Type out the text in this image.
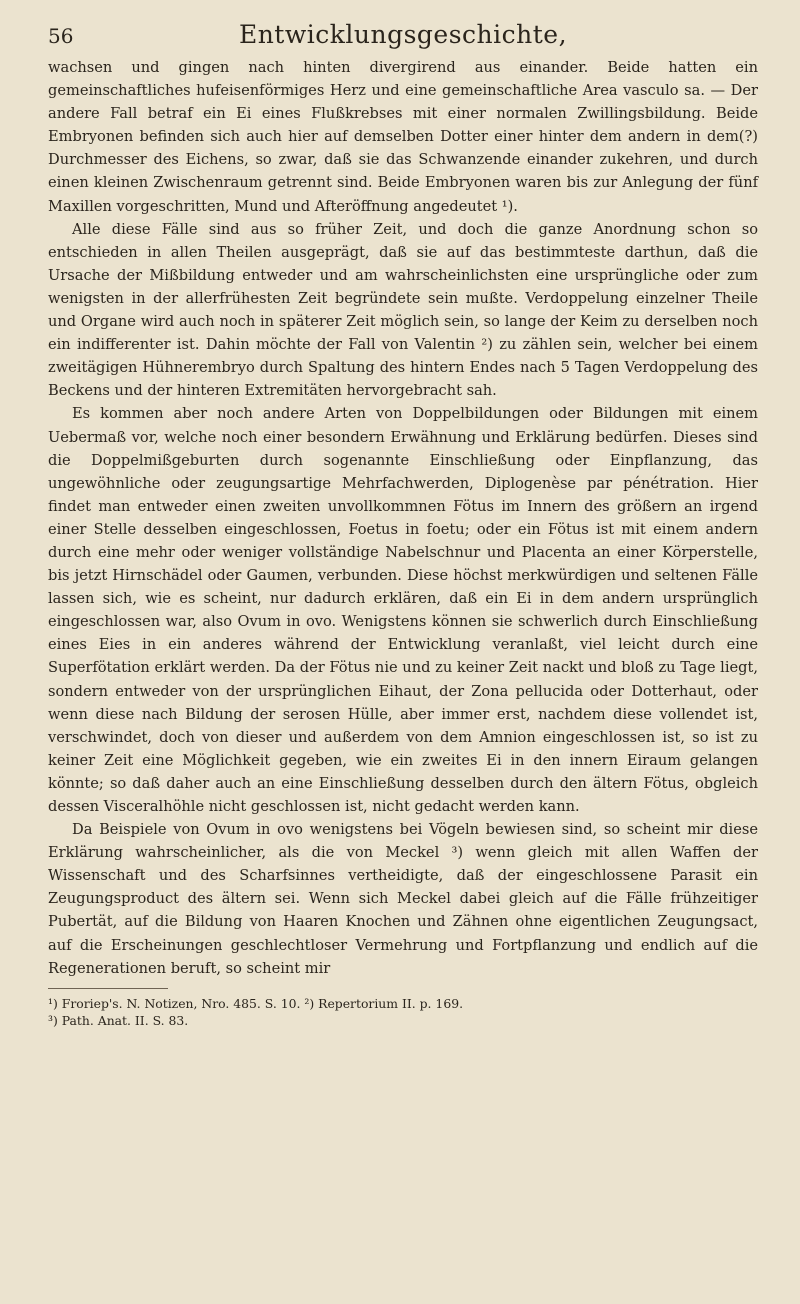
56	Entwicklungsgeschichte,

wachsen und gingen nach hinten divergirend aus einander. Beide hatten ein gemeinschaftliches hufeisenförmiges Herz und eine gemeinschaftliche Area vasculo sa. — Der andere Fall betraf ein Ei eines Flußkrebses mit einer normalen Zwillingsbildung. Beide Embryonen befinden sich auch hier auf demselben Dotter einer hinter dem andern in dem(?) Durchmesser des Eichens, so zwar, daß sie das Schwanzende einander zukehren, und durch einen kleinen Zwischenraum getrennt sind. Beide Embryonen waren bis zur Anlegung der fünf Maxillen vorgeschritten, Mund und Afteröffnung angedeutet ¹).

Alle diese Fälle sind aus so früher Zeit, und doch die ganze Anordnung schon so entschieden in allen Theilen ausgeprägt, daß sie auf das bestimmteste darthun, daß die Ursache der Mißbildung entweder und am wahrscheinlichsten eine ursprüngliche oder zum wenigsten in der allerfrühesten Zeit begründete sein mußte. Verdoppelung einzelner Theile und Organe wird auch noch in späterer Zeit möglich sein, so lange der Keim zu derselben noch ein indifferenter ist. Dahin möchte der Fall von Valentin ²) zu zählen sein, welcher bei einem zweitägigen Hühnerembryo durch Spaltung des hintern Endes nach 5 Tagen Verdoppelung des Beckens und der hinteren Extremitäten hervorgebracht sah.

Es kommen aber noch andere Arten von Doppelbildungen oder Bildungen mit einem Uebermaß vor, welche noch einer besondern Erwähnung und Erklärung bedürfen. Dieses sind die Doppelmißgeburten durch sogenannte Einschließung oder Einpflanzung, das ungewöhnliche oder zeugungsartige Mehrfachwerden, Diplogenèse par pénétration. Hier findet man entweder einen zweiten unvollkommnen Fötus im Innern des größern an irgend einer Stelle desselben eingeschlossen, Foetus in foetu; oder ein Fötus ist mit einem andern durch eine mehr oder weniger vollständige Nabelschnur und Placenta an einer Körperstelle, bis jetzt Hirnschädel oder Gaumen, verbunden. Diese höchst merkwürdigen und seltenen Fälle lassen sich, wie es scheint, nur dadurch erklären, daß ein Ei in dem andern ursprünglich eingeschlossen war, also Ovum in ovo. Wenigstens können sie schwerlich durch Einschließung eines Eies in ein anderes während der Entwicklung veranlaßt, viel leicht durch eine Superfötation erklärt werden. Da der Fötus nie und zu keiner Zeit nackt und bloß zu Tage liegt, sondern entweder von der ursprünglichen Eihaut, der Zona pellucida oder Dotterhaut, oder wenn diese nach Bildung der serosen Hülle, aber immer erst, nachdem diese vollendet ist, verschwindet, doch von dieser und außerdem von dem Amnion eingeschlossen ist, so ist zu keiner Zeit eine Möglichkeit gegeben, wie ein zweites Ei in den innern Eiraum gelangen könnte; so daß daher auch an eine Einschließung desselben durch den ältern Fötus, obgleich dessen Visceralhöhle nicht geschlossen ist, nicht gedacht werden kann.

Da Beispiele von Ovum in ovo wenigstens bei Vögeln bewiesen sind, so scheint mir diese Erklärung wahrscheinlicher, als die von Meckel ³) wenn gleich mit allen Waffen der Wissenschaft und des Scharfsinnes vertheidigte, daß der eingeschlossene Parasit ein Zeugungsproduct des ältern sei. Wenn sich Meckel dabei gleich auf die Fälle frühzeitiger Pubertät, auf die Bildung von Haaren Knochen und Zähnen ohne eigentlichen Zeugungsact, auf die Erscheinungen geschlechtloser Vermehrung und Fortpflanzung und endlich auf die Regenerationen beruft, so scheint mir

¹) Froriep's. N. Notizen, Nro. 485. S. 10. ²) Repertorium II. p. 169.

³) Path. Anat. II. S. 83.
